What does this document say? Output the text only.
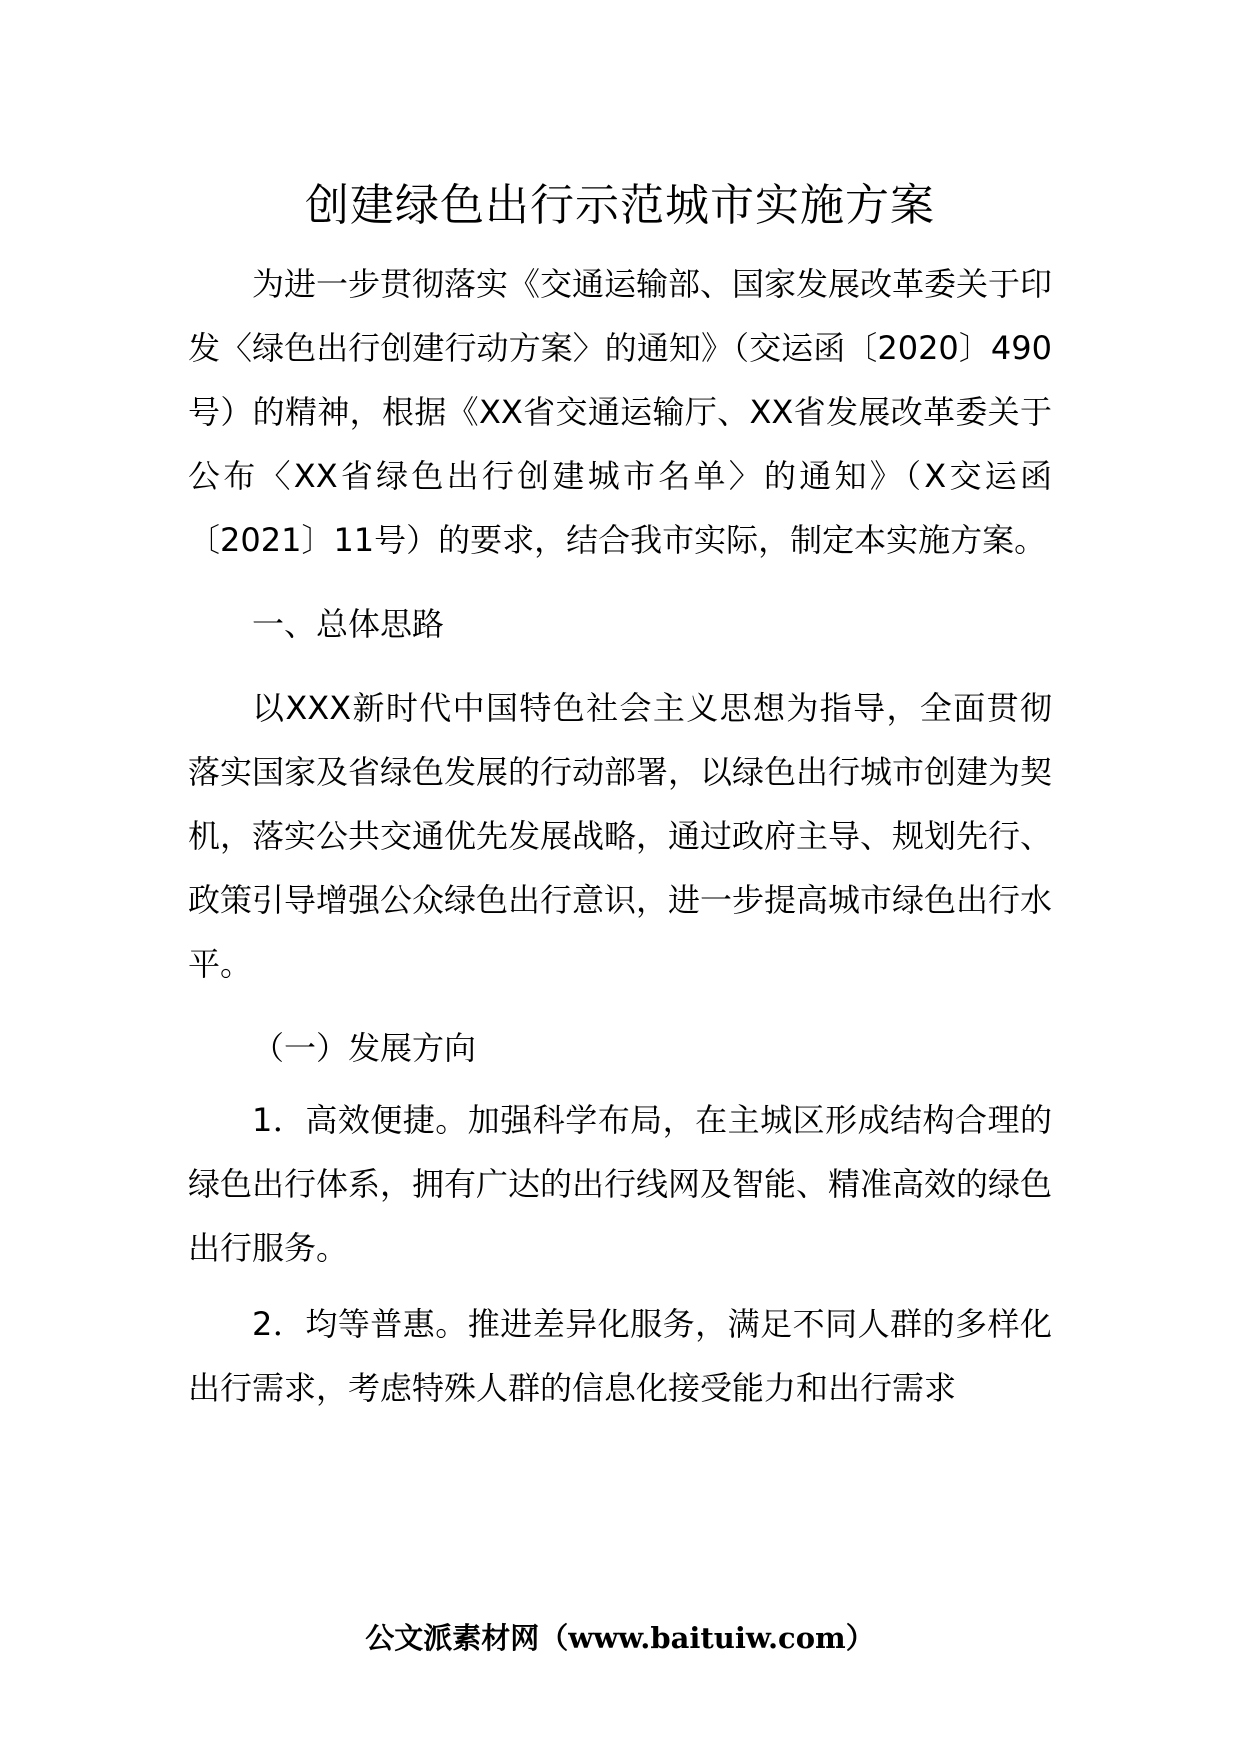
创建绿色出行示范城市实施方案

为进一步贯彻落实《交通运输部、国家发展改革委关于印发〈绿色出行创建行动方案〉的通知》（交运函〔2020〕490号）的精神，根据《XX省交通运输厅、XX省发展改革委关于公布〈XX省绿色出行创建城市名单〉的通知》（X交运函〔2021〕11号）的要求，结合我市实际，制定本实施方案。

一、总体思路

以XXX新时代中国特色社会主义思想为指导，全面贯彻落实国家及省绿色发展的行动部署，以绿色出行城市创建为契机，落实公共交通优先发展战略，通过政府主导、规划先行、政策引导增强公众绿色出行意识，进一步提高城市绿色出行水平。

（一）发展方向

1．高效便捷。加强科学布局，在主城区形成结构合理的绿色出行体系，拥有广达的出行线网及智能、精准高效的绿色出行服务。

2．均等普惠。推进差异化服务，满足不同人群的多样化出行需求，考虑特殊人群的信息化接受能力和出行需求

公文派素材网（www.baituiw.com）
